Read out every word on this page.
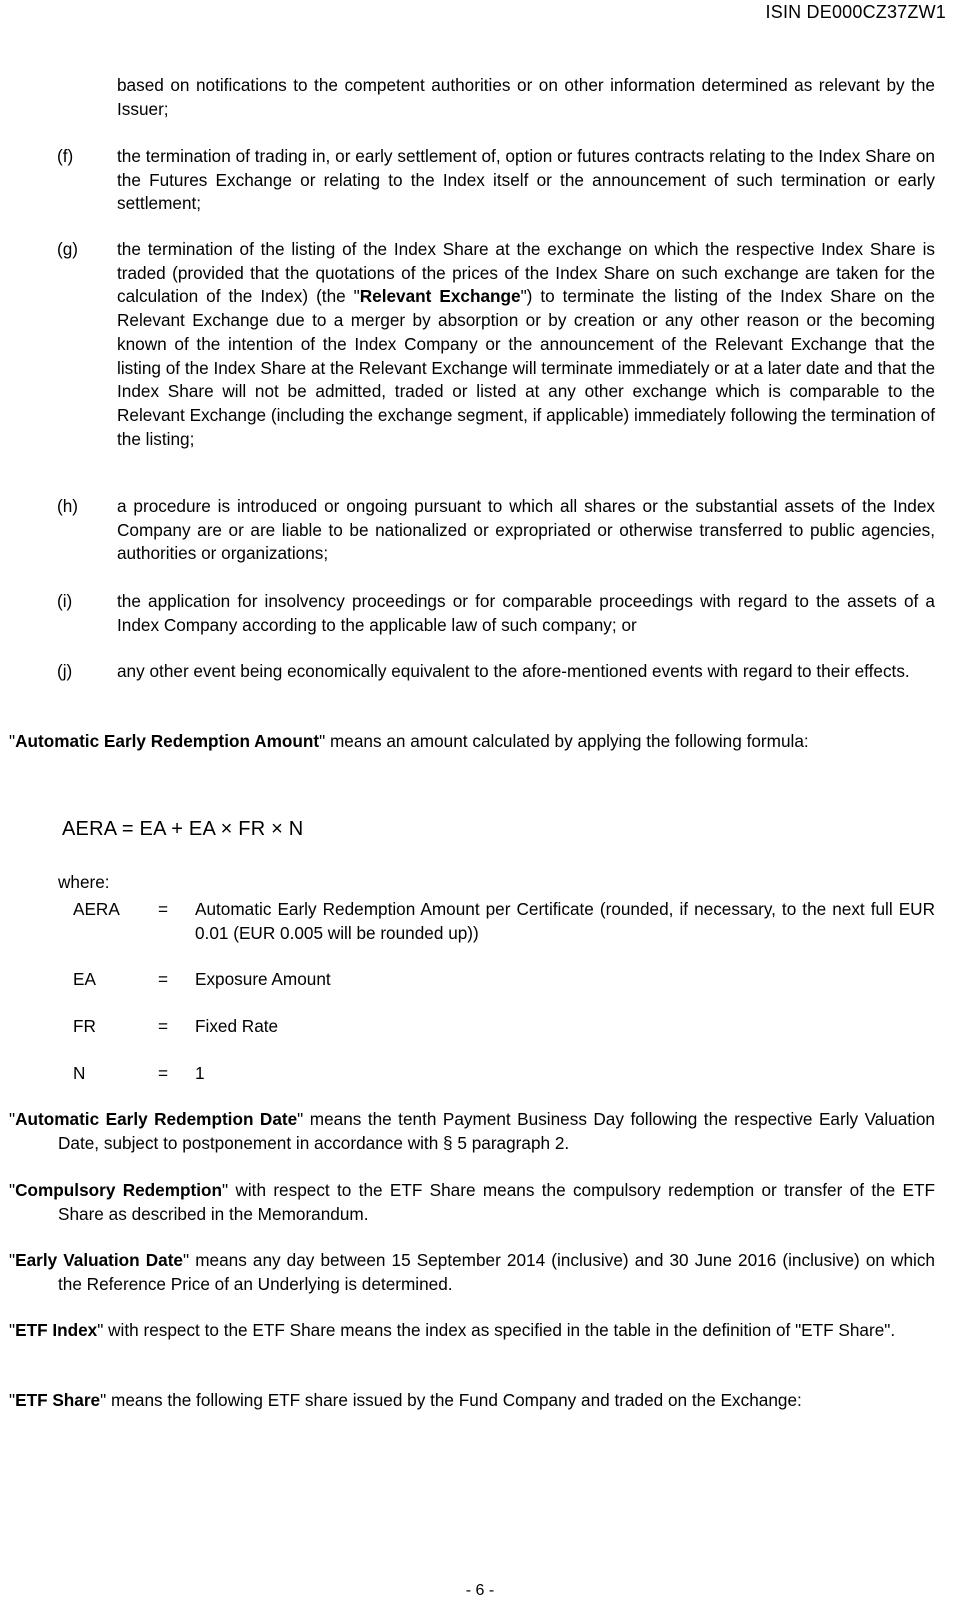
ISIN DE000CZ37ZW1
based on notifications to the competent authorities or on other information determined as relevant by the Issuer;
(f)	the termination of trading in, or early settlement of, option or futures contracts relating to the Index Share on the Futures Exchange or relating to the Index itself or the announcement of such termination or early settlement;
(g) the termination of the listing of the Index Share at the exchange on which the respective Index Share is traded (provided that the quotations of the prices of the Index Share on such exchange are taken for the calculation of the Index) (the "Relevant Exchange") to terminate the listing of the Index Share on the Relevant Exchange due to a merger by absorption or by creation or any other reason or the becoming known of the intention of the Index Company or the announcement of the Relevant Exchange that the listing of the Index Share at the Relevant Exchange will terminate immediately or at a later date and that the Index Share will not be admitted, traded or listed at any other exchange which is comparable to the Relevant Exchange (including the exchange segment, if applicable) immediately following the termination of the listing;
(h) a procedure is introduced or ongoing pursuant to which all shares or the substantial assets of the Index Company are or are liable to be nationalized or expropriated or otherwise transferred to public agencies, authorities or organizations;
(i)	the application for insolvency proceedings or for comparable proceedings with regard to the assets of a Index Company according to the applicable law of such company; or
(j)	any other event being economically equivalent to the afore-mentioned events with regard to their effects.
"Automatic Early Redemption Amount" means an amount calculated by applying the following formula:
AERA = EA + EA × FR × N
where:
AERA = Automatic Early Redemption Amount per Certificate (rounded, if necessary, to the next full EUR 0.01 (EUR 0.005 will be rounded up))
EA	= Exposure Amount
FR	= Fixed Rate
N	= 1
"Automatic Early Redemption Date" means the tenth Payment Business Day following the respective Early Valuation Date, subject to postponement in accordance with § 5 paragraph 2.
"Compulsory Redemption" with respect to the ETF Share means the compulsory redemption or transfer of the ETF Share as described in the Memorandum.
"Early Valuation Date" means any day between 15 September 2014 (inclusive) and 30 June 2016 (inclusive) on which the Reference Price of an Underlying is determined.
"ETF Index" with respect to the ETF Share means the index as specified in the table in the definition of "ETF Share".
"ETF Share" means the following ETF share issued by the Fund Company and traded on the Exchange:
- 6 -
